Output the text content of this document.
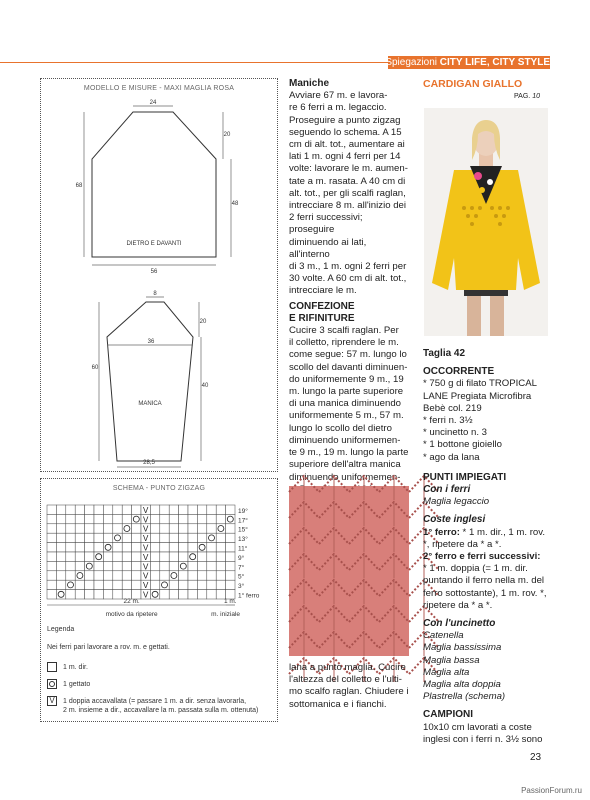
Spiegazioni CITY LIFE, CITY STYLE
MODELLO E MISURE - MAXI MAGLIA ROSA
24
20
68
48
DIETRO E DAVANTI
56
8
20
36
60
40
MANICA
28,5
SCHEMA - PUNTO ZIGZAG
V
V
V
V
V
V
V
V
V
V
19°
17°
15°
13°
11°
9°
7°
5°
3°
1° ferro
22 m.	1 m.
motivo da ripetere	m. iniziale
Legenda
Nei ferri pari lavorare a rov. m. e gettati.
1 m. dir.
1 gettato
V 1 doppia accavallata (= passare 1 m. a dir. senza lavorarla,
2 m. insieme a dir., accavallare la m. passata sulla m. ottenuta)
Maniche
Avviare 67 m. e lavora-
re 6 ferri a m. legaccio.
Proseguire a punto zigzag
seguendo lo schema. A 15
cm di alt. tot., aumentare ai
lati 1 m. ogni 4 ferri per 14
volte: lavorare le m. aumen-
tate a m. rasata. A 40 cm di
alt. tot., per gli scalfi raglan,
intrecciare 8 m. all'inizio dei
2 ferri successivi; proseguire
diminuendo ai lati, all'interno
di 3 m., 1 m. ogni 2 ferri per
30 volte. A 60 cm di alt. tot.,
intrecciare le m.
CONFEZIONE
E RIFINITURE
Cucire 3 scalfi raglan. Per
il colletto, riprendere le m.
come segue: 57 m. lungo lo
scollo del davanti diminuen-
do uniformemente 9 m., 19
m. lungo la parte superiore
di una manica diminuendo
uniformemente 5 m., 57 m.
lungo lo scollo del dietro
diminuendo uniformemen-
te 9 m., 19 m. lungo la parte
superiore dell'altra manica
diminuendo uniformemen-
lana a punto maglia. Cucire
l'altezza del colletto e l'ulti-
mo scalfo raglan. Chiudere i
sottomanica e i fianchi.
CARDIGAN GIALLO
PAG. 10
Taglia 42
OCCORRENTE
* 750 g di filato TROPICAL
LANE Pregiata Microfibra
Bebè col. 219
* ferri n. 3½
* uncinetto n. 3
* 1 bottone gioiello
* ago da lana
PUNTI IMPIEGATI
Con i ferri
Maglia legaccio
Coste inglesi
1° ferro: * 1 m. dir., 1 m. rov.
*, ripetere da * a *.
2° ferro e ferri successivi:
* 1 m. doppia (= 1 m. dir.
puntando il ferro nella m. del
ferro sottostante), 1 m. rov. *,
ripetere da * a *.
Con l'uncinetto
Catenella
Maglia bassissima
Maglia bassa
Maglia alta
Maglia alta doppia
Plastrella (schema)
CAMPIONI
10x10 cm lavorati a coste
inglesi con i ferri n. 3½ sono
23
PassionForum.ru
